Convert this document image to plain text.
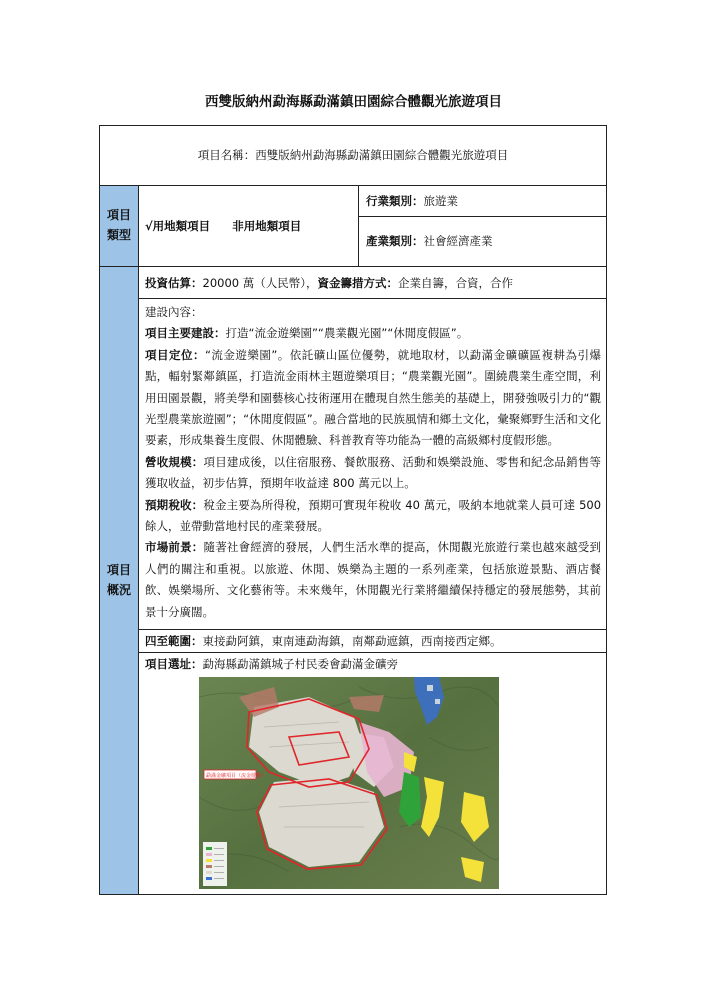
西雙版納州勐海縣勐滿鎮田園綜合體觀光旅遊項目
項目名稱：西雙版納州勐海縣勐滿鎮田園綜合體觀光旅遊項目
項目
類型
√用地類項目 非用地類項目
行業類別：旅遊業
產業類別：社會經濟產業
項目
概況
投資估算：20000 萬（人民幣），資金籌措方式：企業自籌，合資，合作

建設內容：

項目主要建設：打造“流金遊樂園”“農業觀光園”“休閒度假區”。

項目定位：“流金遊樂園”。依託礦山區位優勢，就地取材，以勐滿金礦礦區複耕為引爆點，輻射緊鄰鎮區，打造流金雨林主題遊樂項目；“農業觀光園”。圍繞農業生產空間，利用田園景觀，將美學和園藝核心技術運用在體現自然生態美的基礎上，開發強吸引力的“觀光型農業旅遊園”；“休閒度假區”。融合當地的民族風情和鄉土文化，彙聚鄉野生活和文化要素，形成集養生度假、休閒體驗、科普教育等功能為一體的高級鄉村度假形態。

營收規模：項目建成後，以住宿服務、餐飲服務、活動和娛樂設施、零售和紀念品銷售等獲取收益，初步估算，預期年收益達 800 萬元以上。

預期稅收：稅金主要為所得稅，預期可實現年稅收 40 萬元，吸納本地就業人員可達 500 餘人，並帶動當地村民的產業發展。

市場前景：隨著社會經濟的發展，人們生活水準的提高，休閒觀光旅遊行業也越來越受到人們的關注和重視。以旅遊、休閒、娛樂為主題的一系列產業，包括旅遊景點、酒店餐飲、娛樂場所、文化藝術等。未來幾年，休閒觀光行業將繼續保持穩定的發展態勢，其前景十分廣闊。

四至範圍：東接勐阿鎮，東南連勐海鎮，南鄰勐遮鎮，西南接西定鄉。
項目選址：勐海縣勐滿鎮城子村民委會勐滿金礦旁
勐滿金礦項目（流金遊樂）
